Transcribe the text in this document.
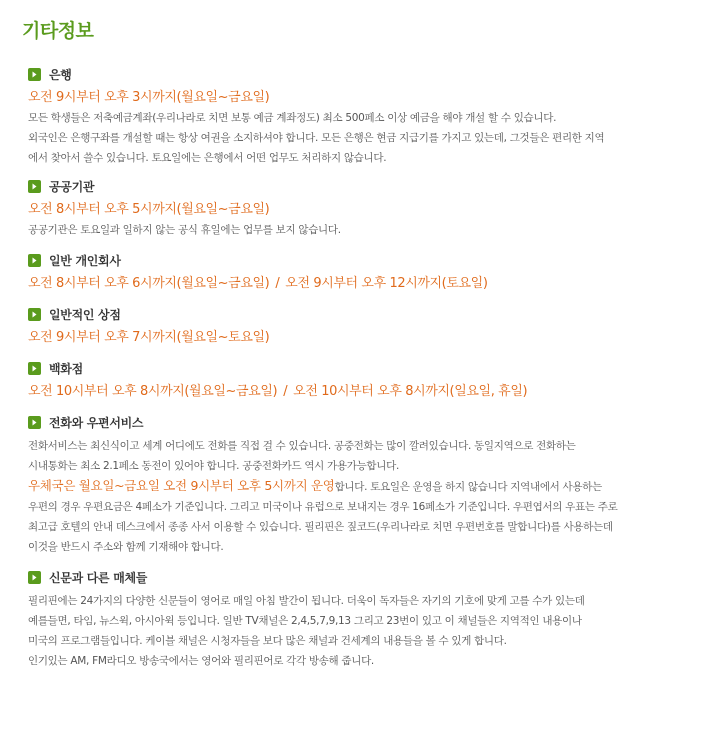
기타정보
은행
오전 9시부터 오후 3시까지(월요일~금요일)
모든 학생들은 저축예금계좌(우리나라로 치면 보통 예금 계좌정도) 최소 500페소 이상 예금을 해야 개설 할 수 있습니다.
외국인은 은행구좌를 개설할 때는 항상 여권을 소지하셔야 합니다. 모든 은행은 현금 지급기를 가지고 있는데, 그것들은 편리한 지역
에서 찾아서 쓸수 있습니다. 토요일에는 은행에서 어떤 업무도 처리하지 않습니다.
공공기관
오전 8시부터 오후 5시까지(월요일~금요일)
공공기관은 토요일과 일하지 않는 공식 휴일에는 업무를 보지 않습니다.
일반 개인회사
오전 8시부터 오후 6시까지(월요일~금요일) / 오전 9시부터 오후 12시까지(토요일)
일반적인 상점
오전 9시부터 오후 7시까지(월요일~토요일)
백화점
오전 10시부터 오후 8시까지(월요일~금요일) / 오전 10시부터 오후 8시까지(일요일, 휴일)
전화와 우편서비스
전화서비스는 최신식이고 세계 어디에도 전화를 직접 걸 수 있습니다. 공중전화는 많이 깔려있습니다. 동일지역으로 전화하는
시내통화는 최소 2.1페소 동전이 있어야 합니다. 공중전화카드 역시 가용가능합니다.
우체국은 월요일~금요일 오전 9시부터 오후 5시까지 운영합니다. 토요일은 운영을 하지 않습니다 지역내에서 사용하는
우편의 경우 우편요금은 4페소가 기준입니다. 그리고 미국이나 유럽으로 보내지는 경우 16페소가 기준입니다. 우편엽서의 우표는 주로
최고급 호텔의 안내 데스크에서 종종 사서 이용할 수 있습니다. 필리핀은 짚코드(우리나라로 치면 우편번호를 말합니다)를 사용하는데
이것을 반드시 주소와 함께 기재해야 합니다.
신문과 다른 매체들
필리핀에는 24가지의 다양한 신문들이 영어로 매일 아침 발간이 됩니다. 더욱이 독자들은 자기의 기호에 맞게 고를 수가 있는데
예를들면, 타임, 뉴스윅, 아시아윅 등입니다. 일반 TV채널은 2,4,5,7,9,13 그리고 23번이 있고 이 채널들은 지역적인 내용이나
미국의 프로그램들입니다. 케이블 채널은 시청자들을 보다 많은 채널과 건세계의 내용들을 볼 수 있게 합니다.
인기있는 AM, FM라디오 방송국에서는 영어와 필리핀어로 각각 방송해 줍니다.
